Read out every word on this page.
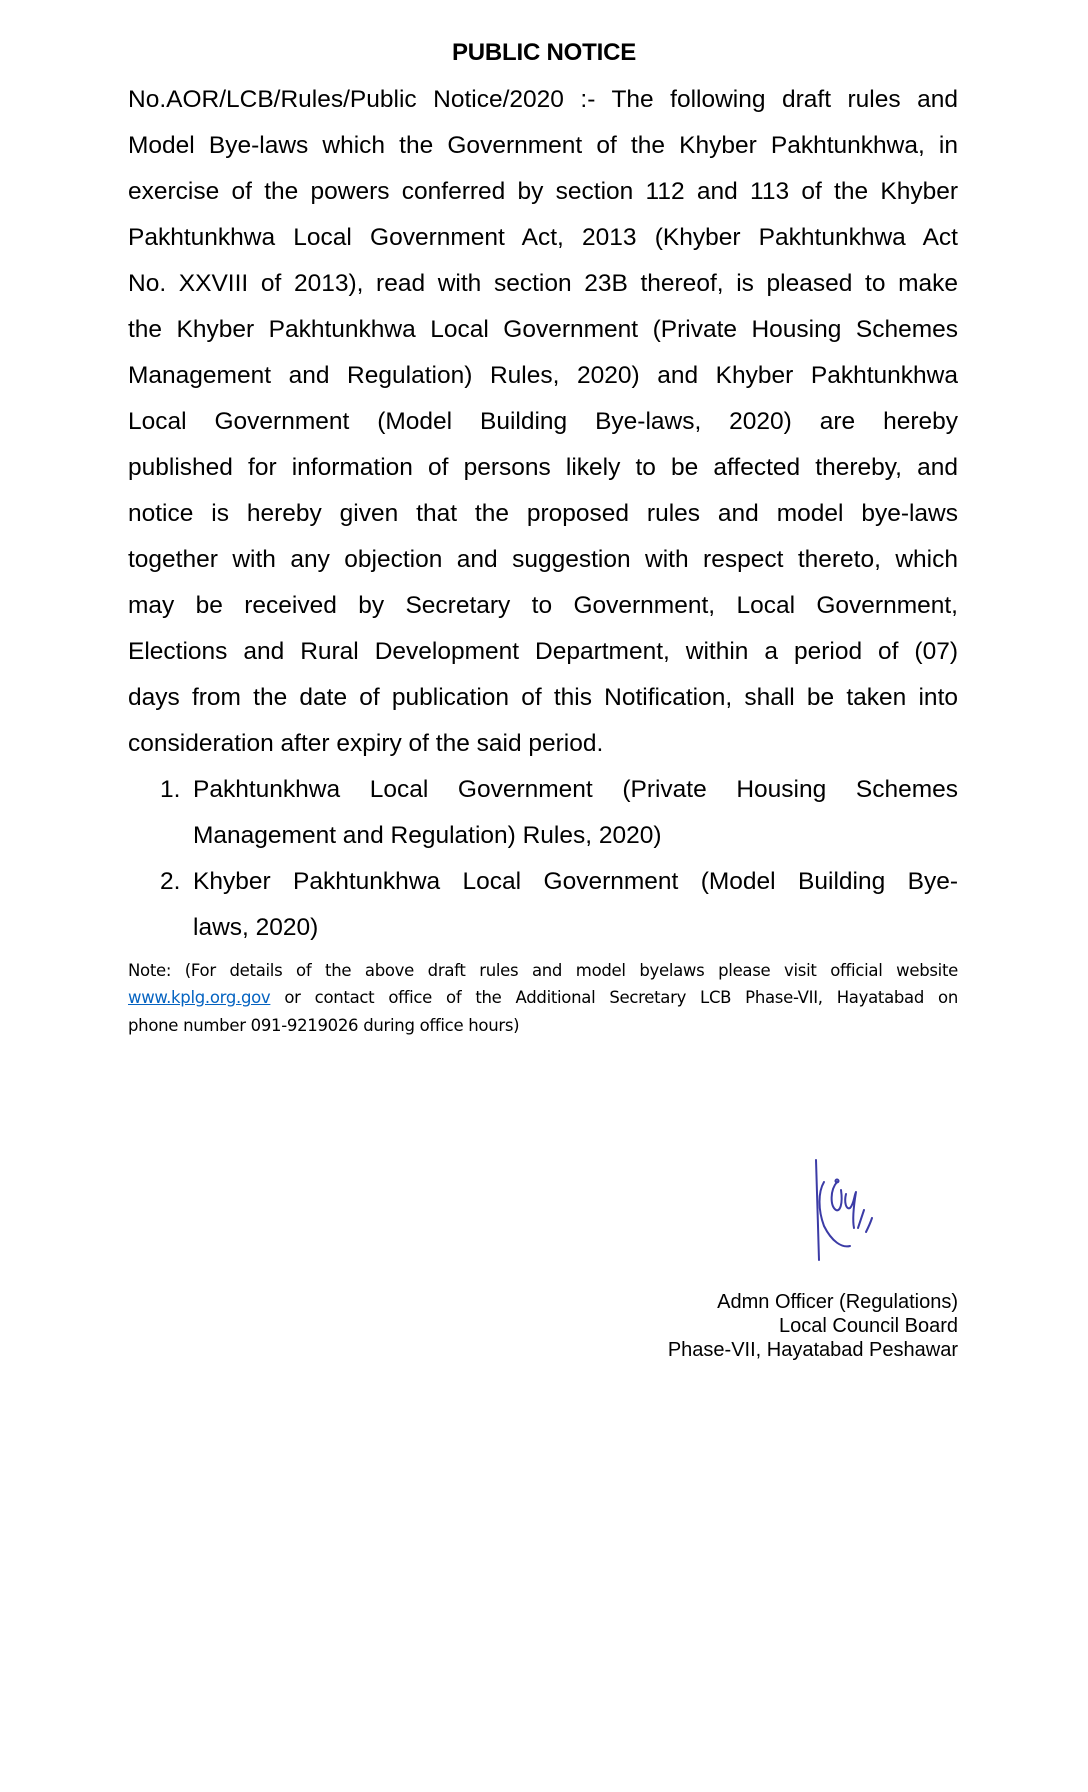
PUBLIC NOTICE
No.AOR/LCB/Rules/Public Notice/2020 :- The following draft rules and
Model Bye-laws which the Government of the Khyber Pakhtunkhwa, in
exercise of the powers conferred by section 112 and 113 of the Khyber
Pakhtunkhwa Local Government Act, 2013 (Khyber Pakhtunkhwa Act
No. XXVIII of 2013), read with section 23B thereof, is pleased to make
the Khyber Pakhtunkhwa Local Government (Private Housing Schemes
Management and Regulation) Rules, 2020) and Khyber Pakhtunkhwa
Local Government (Model Building Bye-laws, 2020) are hereby
published for information of persons likely to be affected thereby, and
notice is hereby given that the proposed rules and model bye-laws
together with any objection and suggestion with respect thereto, which
may be received by Secretary to Government, Local Government,
Elections and Rural Development Department, within a period of (07)
days from the date of publication of this Notification, shall be taken into
consideration after expiry of the said period.
1. Pakhtunkhwa Local Government (Private Housing Schemes
Management and Regulation) Rules, 2020)
2. Khyber Pakhtunkhwa Local Government (Model Building Bye-
laws, 2020)
Note: (For details of the above draft rules and model byelaws please visit official website
www.kplg.org.gov or contact office of the Additional Secretary LCB Phase-VII, Hayatabad on
phone number 091-9219026 during office hours)
Admn Officer (Regulations)
Local Council Board
Phase-VII, Hayatabad Peshawar
